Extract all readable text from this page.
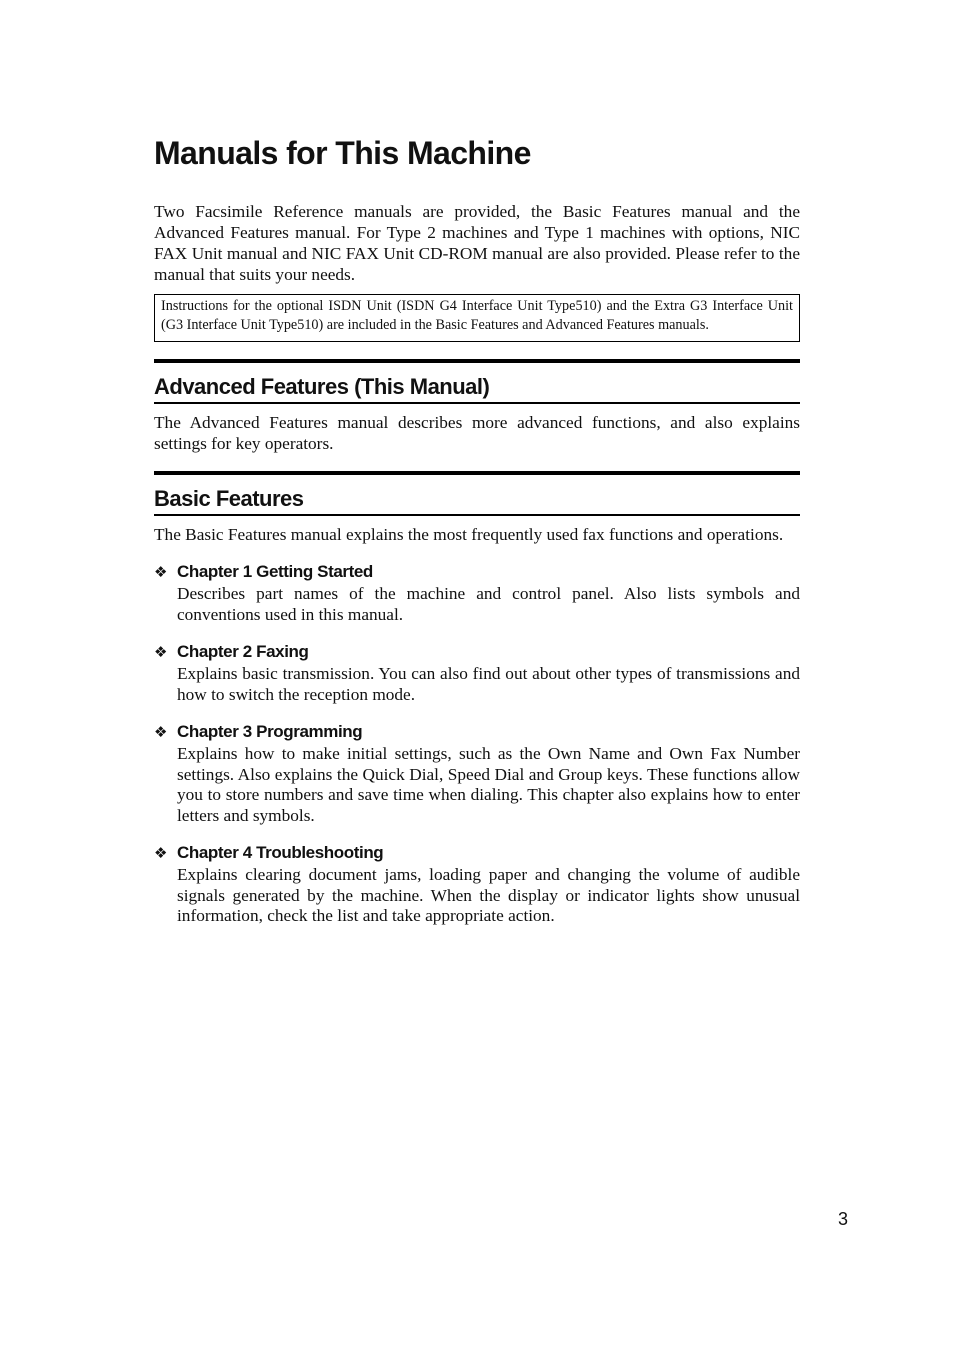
Manuals for This Machine

Two Facsimile Reference manuals are provided, the Basic Features manual and the Advanced Features manual. For Type 2 machines and Type 1 machines with options, NIC FAX Unit manual and NIC FAX Unit CD-ROM manual are also provided. Please refer to the manual that suits your needs.

Instructions for the optional ISDN Unit (ISDN G4 Interface Unit Type510) and the Extra G3 Interface Unit (G3 Interface Unit Type510) are included in the Basic Features and Advanced Features manuals.
Advanced Features (This Manual)

The Advanced Features manual describes more advanced functions, and also explains settings for key operators.

Basic Features

The Basic Features manual explains the most frequently used fax functions and operations.

❖ Chapter 1 Getting Started

Describes part names of the machine and control panel. Also lists symbols and conventions used in this manual.

❖ Chapter 2 Faxing

Explains basic transmission. You can also find out about other types of transmissions and how to switch the reception mode.

❖ Chapter 3 Programming

Explains how to make initial settings, such as the Own Name and Own Fax Number settings. Also explains the Quick Dial, Speed Dial and Group keys. These functions allow you to store numbers and save time when dialing. This chapter also explains how to enter letters and symbols.

❖ Chapter 4 Troubleshooting

Explains clearing document jams, loading paper and changing the volume of audible signals generated by the machine. When the display or indicator lights show unusual information, check the list and take appropriate action.

3
